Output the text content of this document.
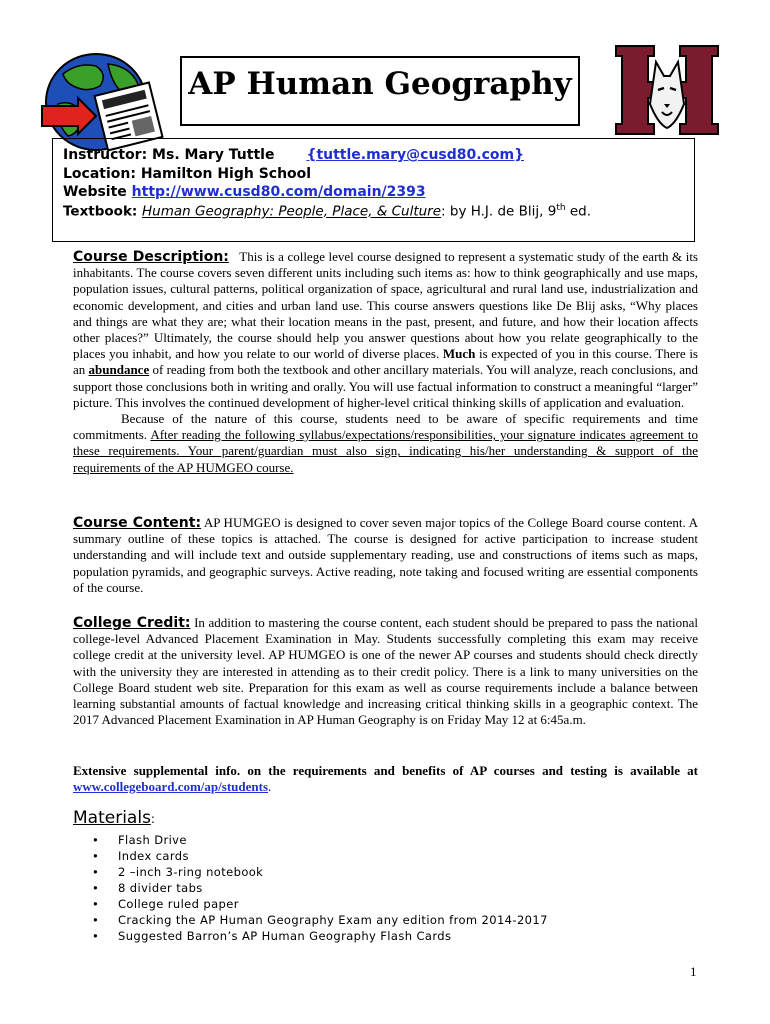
AP Human Geography
Instructor: Ms. Mary Tuttle {tuttle.mary@cusd80.com}
Location: Hamilton High School
Website http://www.cusd80.com/domain/2393
Textbook: Human Geography: People, Place, & Culture: by H.J. de Blij, 9th ed.
Course Description: This is a college level course designed to represent a systematic study of the earth & its inhabitants. The course covers seven different units including such items as: how to think geographically and use maps, population issues, cultural patterns, political organization of space, agricultural and rural land use, industrialization and economic development, and cities and urban land use. This course answers questions like De Blij asks, “Why places and things are what they are; what their location means in the past, present, and future, and how their location affects other places?” Ultimately, the course should help you answer questions about how you relate geographically to the places you inhabit, and how you relate to our world of diverse places. Much is expected of you in this course. There is an abundance of reading from both the textbook and other ancillary materials. You will analyze, reach conclusions, and support those conclusions both in writing and orally. You will use factual information to construct a meaningful “larger” picture. This involves the continued development of higher-level critical thinking skills of application and evaluation.
Because of the nature of this course, students need to be aware of specific requirements and time commitments. After reading the following syllabus/expectations/responsibilities, your signature indicates agreement to these requirements. Your parent/guardian must also sign, indicating his/her understanding & support of the requirements of the AP HUMGEO course.
Course Content: AP HUMGEO is designed to cover seven major topics of the College Board course content. A summary outline of these topics is attached. The course is designed for active participation to increase student understanding and will include text and outside supplementary reading, use and constructions of items such as maps, population pyramids, and geographic surveys. Active reading, note taking and focused writing are essential components of the course.
College Credit: In addition to mastering the course content, each student should be prepared to pass the national college-level Advanced Placement Examination in May. Students successfully completing this exam may receive college credit at the university level. AP HUMGEO is one of the newer AP courses and students should check directly with the university they are interested in attending as to their credit policy. There is a link to many universities on the College Board student web site. Preparation for this exam as well as course requirements include a balance between learning substantial amounts of factual knowledge and increasing critical thinking skills in a geographic context. The 2017 Advanced Placement Examination in AP Human Geography is on Friday May 12 at 6:45a.m.
Extensive supplemental info. on the requirements and benefits of AP courses and testing is available at www.collegeboard.com/ap/students.
Materials:
• Flash Drive
• Index cards
• 2 –inch 3-ring notebook
• 8 divider tabs
• College ruled paper
• Cracking the AP Human Geography Exam any edition from 2014-2017
• Suggested Barron’s AP Human Geography Flash Cards
1
